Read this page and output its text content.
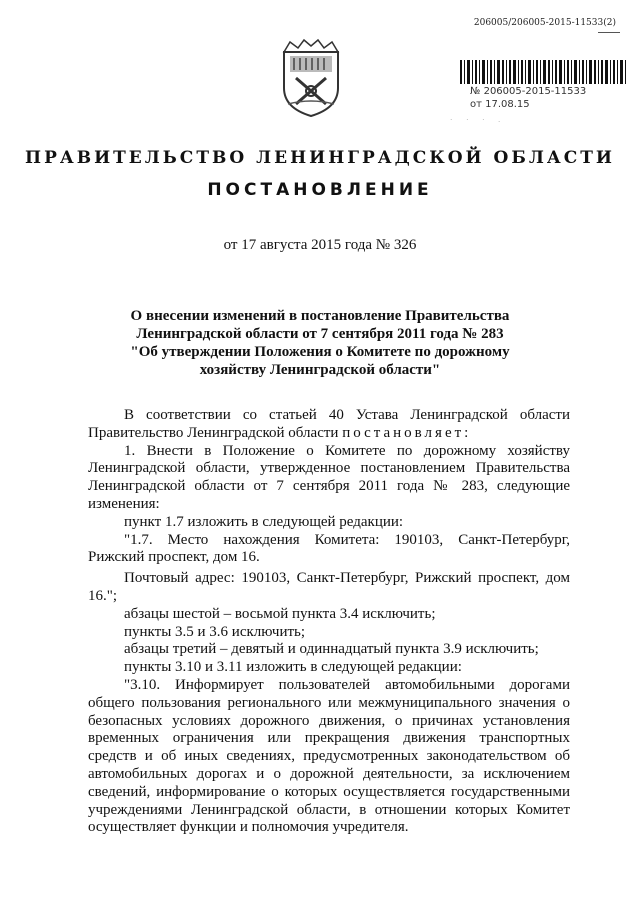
206005/206005-2015-11533(2)
№ 206005-2015-11533
от 17.08.15
· · · .
ПРАВИТЕЛЬСТВО ЛЕНИНГРАДСКОЙ ОБЛАСТИ
ПОСТАНОВЛЕНИЕ
от 17 августа 2015 года № 326
О внесении изменений в постановление Правительства
Ленинградской области от 7 сентября 2011 года № 283
"Об утверждении Положения о Комитете по дорожному
хозяйству Ленинградской области"

В соответствии со статьей 40 Устава Ленинградской области Правительство Ленинградской области постановляет:

1. Внести в Положение о Комитете по дорожному хозяйству Ленинградской области, утвержденное постановлением Правительства Ленинградской области от 7 сентября 2011 года № 283, следующие изменения:

пункт 1.7 изложить в следующей редакции:

"1.7. Место нахождения Комитета: 190103, Санкт-Петербург, Рижский проспект, дом 16.

Почтовый адрес: 190103, Санкт-Петербург, Рижский проспект, дом 16.";

абзацы шестой – восьмой пункта 3.4 исключить;

пункты 3.5 и 3.6 исключить;

абзацы третий – девятый и одиннадцатый пункта 3.9 исключить;

пункты 3.10 и 3.11 изложить в следующей редакции:

"3.10. Информирует пользователей автомобильными дорогами общего пользования регионального или межмуниципального значения о безопасных условиях дорожного движения, о причинах установления временных ограничения или прекращения движения транспортных средств и об иных сведениях, предусмотренных законодательством об автомобильных дорогах и о дорожной деятельности, за исключением сведений, информирование о которых осуществляется государственными учреждениями Ленинградской области, в отношении которых Комитет осуществляет функции и полномочия учредителя.
